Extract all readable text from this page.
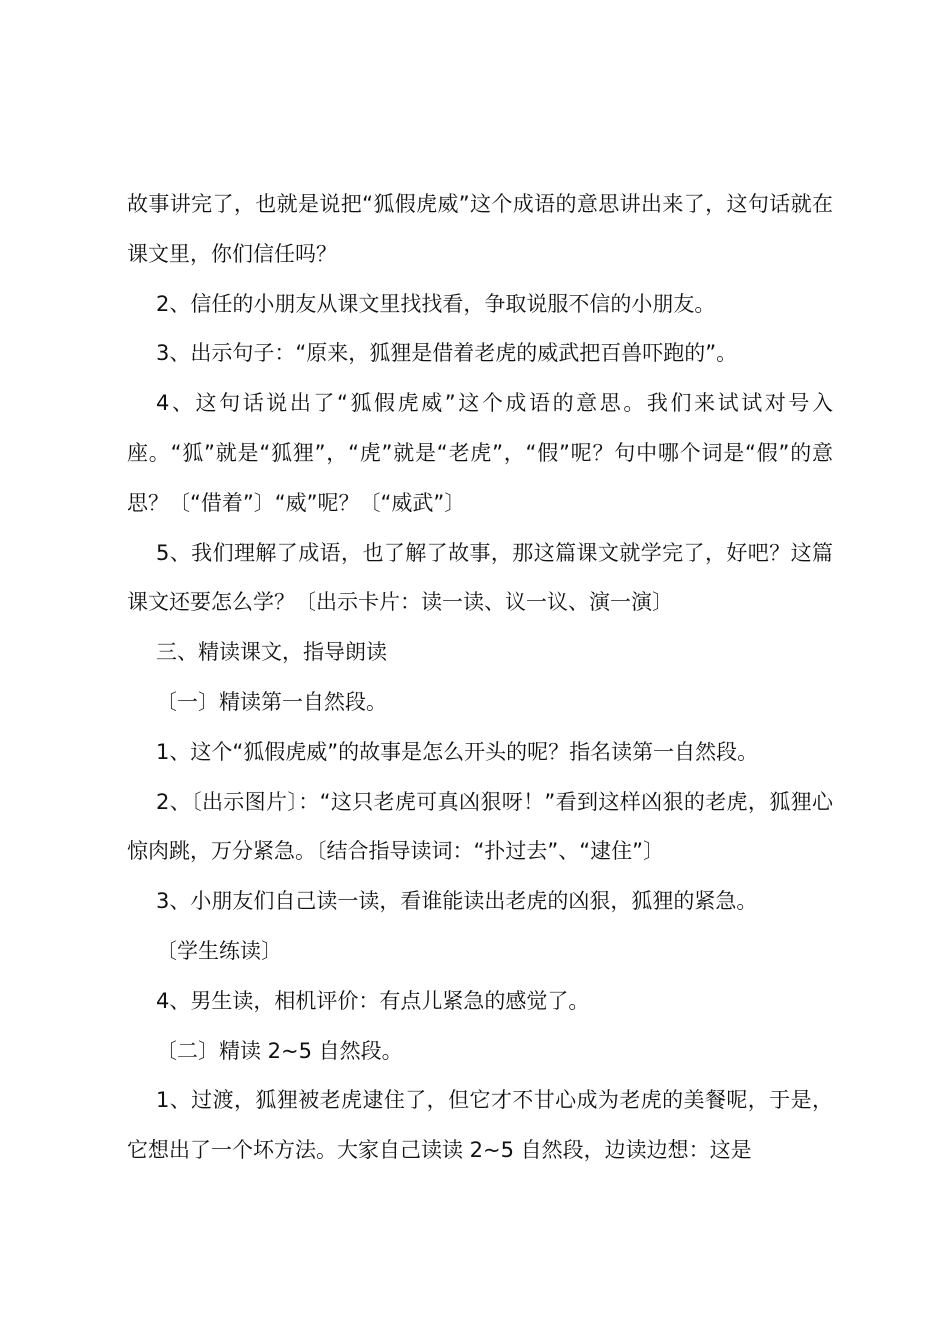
故事讲完了，也就是说把“狐假虎威”这个成语的意思讲出来了，这句话就在课文里，你们信任吗？

2、信任的小朋友从课文里找找看，争取说服不信的小朋友。

3、出示句子：“原来，狐狸是借着老虎的威武把百兽吓跑的”。

4、这句话说出了“狐假虎威”这个成语的意思。我们来试试对号入座。“狐”就是“狐狸”，“虎”就是“老虎”，“假”呢？句中哪个词是“假”的意思？〔“借着”〕“威”呢？〔“威武”〕

5、我们理解了成语，也了解了故事，那这篇课文就学完了，好吧？这篇课文还要怎么学？〔出示卡片：读一读、议一议、演一演〕

三、精读课文，指导朗读

〔一〕精读第一自然段。

1、这个“狐假虎威”的故事是怎么开头的呢？指名读第一自然段。

2、〔出示图片〕：“这只老虎可真凶狠呀！”看到这样凶狠的老虎，狐狸心惊肉跳，万分紧急。〔结合指导读词：“扑过去”、“逮住”〕

3、小朋友们自己读一读，看谁能读出老虎的凶狠，狐狸的紧急。

〔学生练读〕

4、男生读，相机评价：有点儿紧急的感觉了。

〔二〕精读 2~5 自然段。

1、过渡，狐狸被老虎逮住了，但它才不甘心成为老虎的美餐呢，于是，它想出了一个坏方法。大家自己读读 2~5 自然段，边读边想：这是
